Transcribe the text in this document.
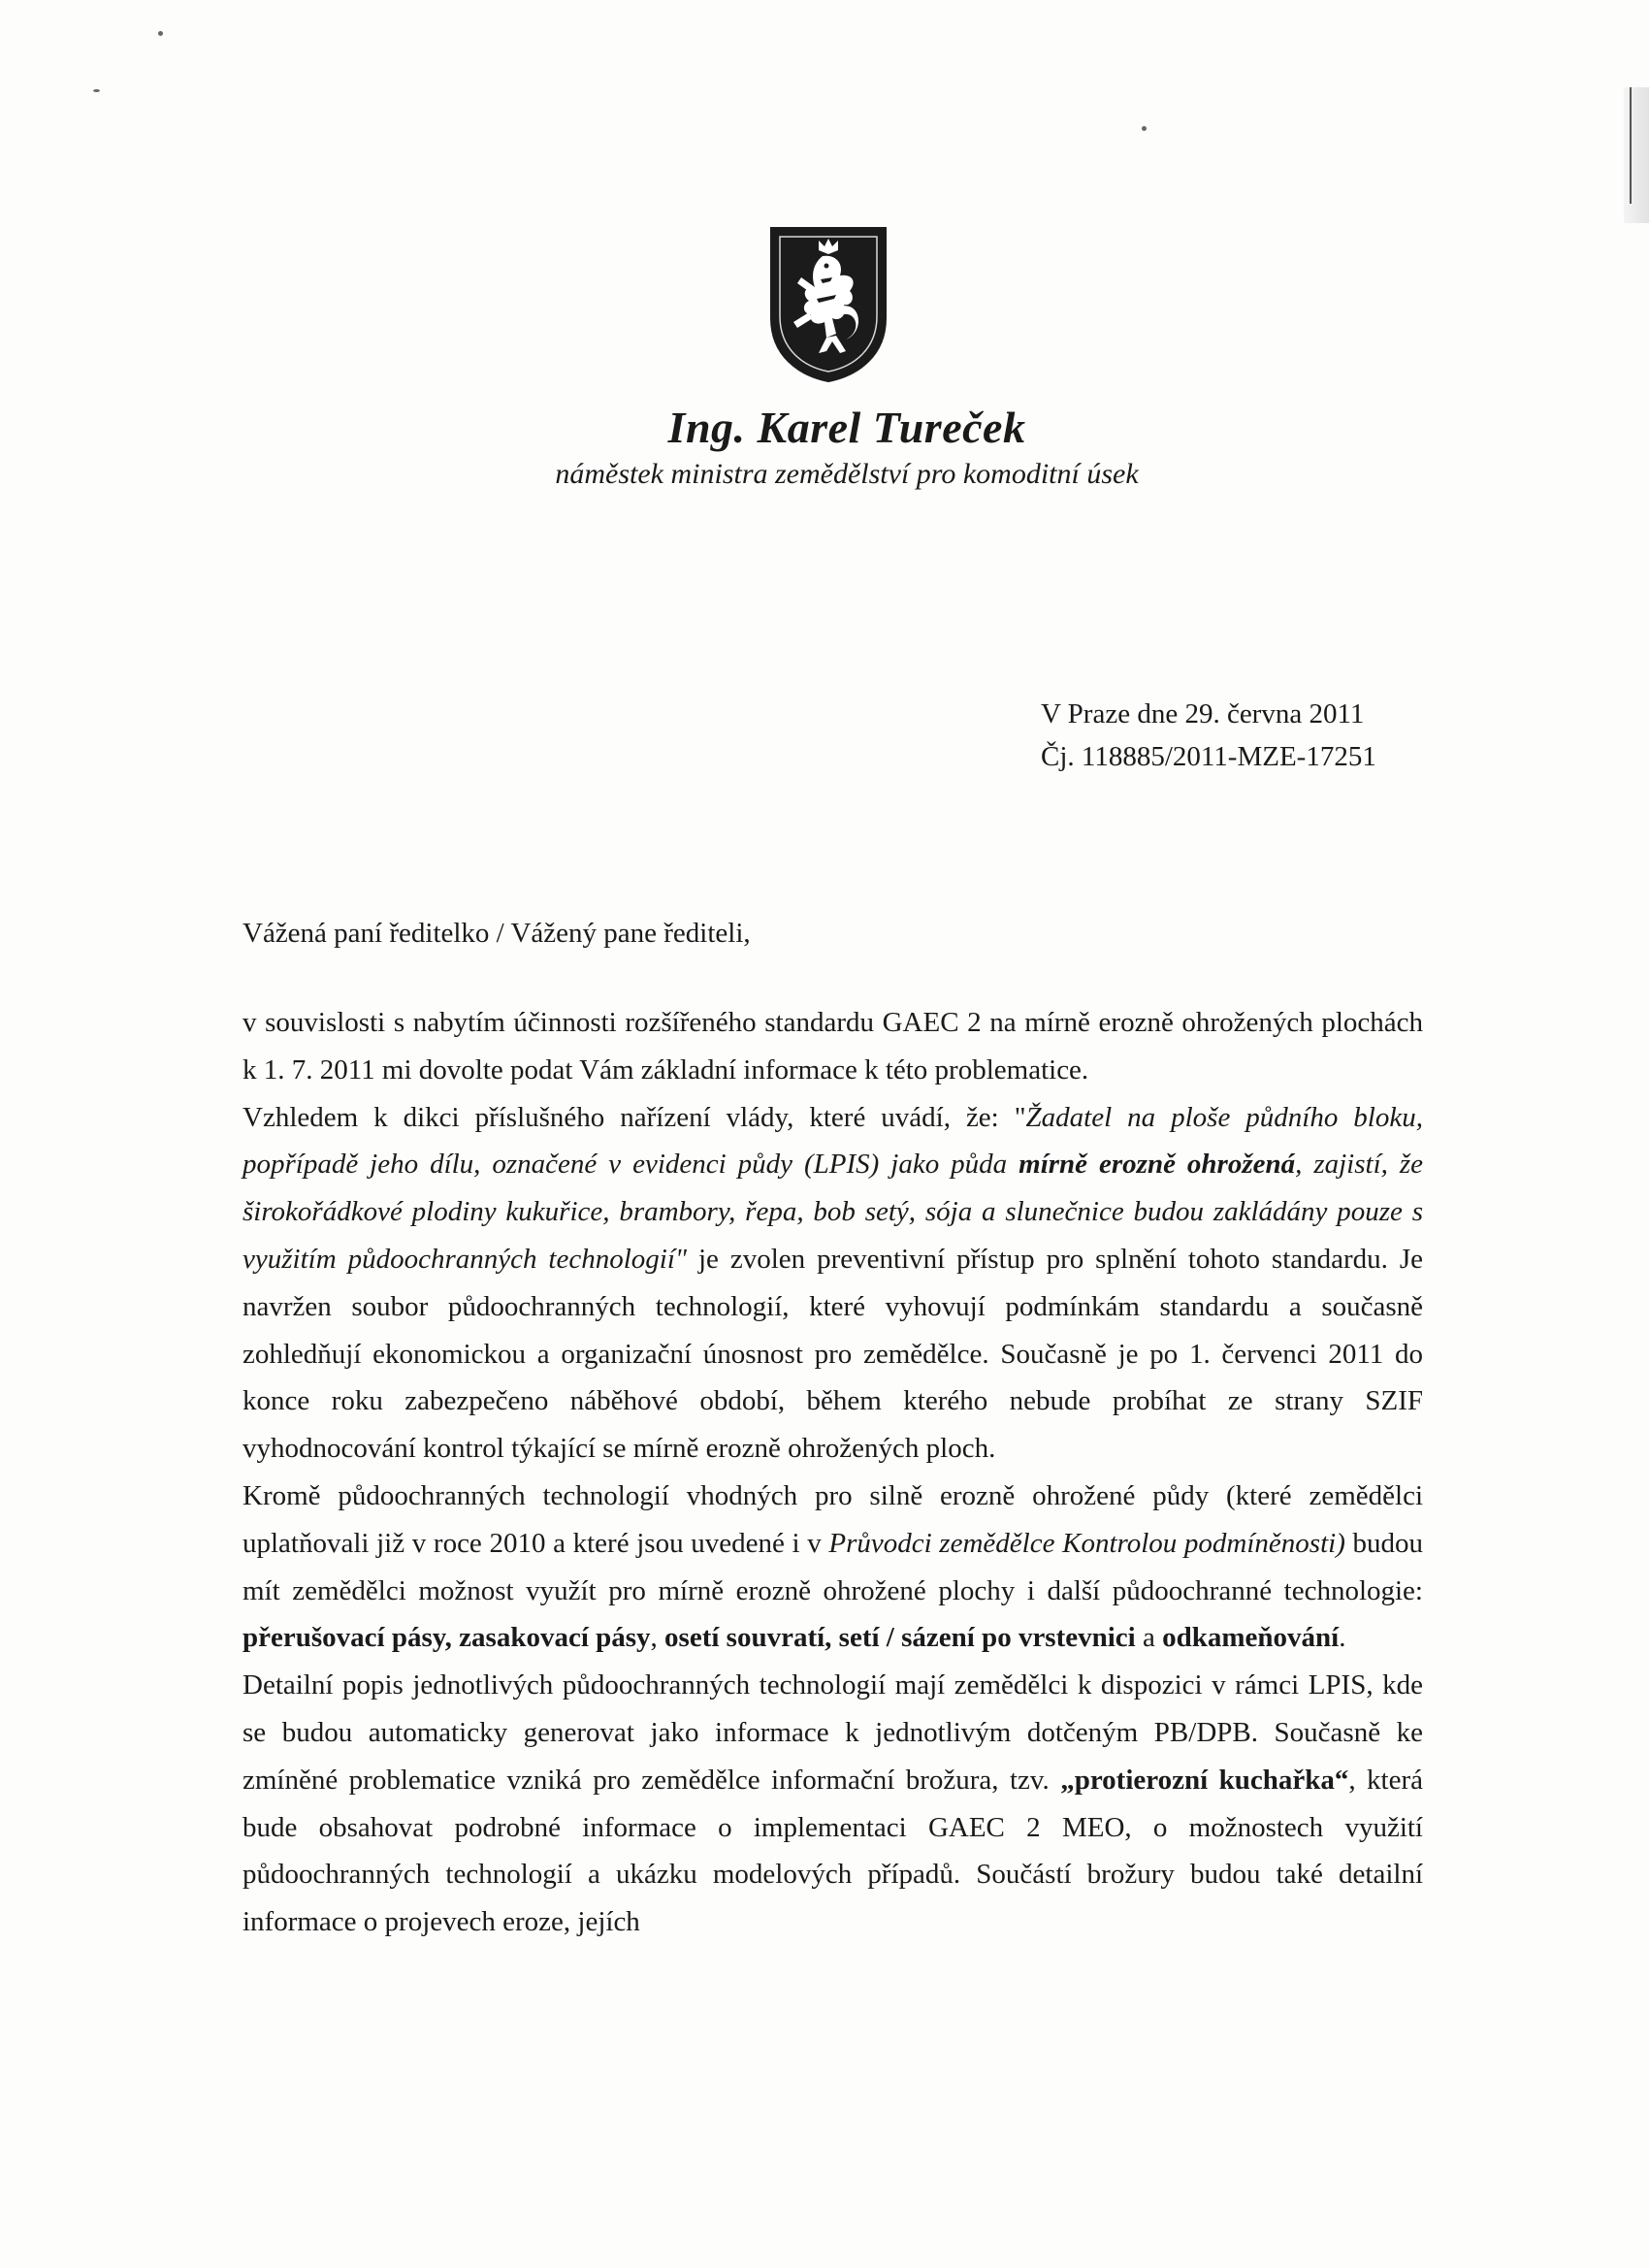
Ing. Karel Tureček
náměstek ministra zemědělství pro komoditní úsek
V Praze dne 29. června 2011
Čj. 118885/2011-MZE-17251
Vážená paní ředitelko / Vážený pane řediteli,

v souvislosti s nabytím účinnosti rozšířeného standardu GAEC 2 na mírně erozně ohrožených plochách k 1. 7. 2011 mi dovolte podat Vám základní informace k této problematice.

Vzhledem k dikci příslušného nařízení vlády, které uvádí, že: "Žadatel na ploše půdního bloku, popřípadě jeho dílu, označené v evidenci půdy (LPIS) jako půda mírně erozně ohrožená, zajistí, že širokořádkové plodiny kukuřice, brambory, řepa, bob setý, sója a slunečnice budou zakládány pouze s využitím půdoochranných technologií" je zvolen preventivní přístup pro splnění tohoto standardu. Je navržen soubor půdoochranných technologií, které vyhovují podmínkám standardu a současně zohledňují ekonomickou a organizační únosnost pro zemědělce. Současně je po 1. červenci 2011 do konce roku zabezpečeno náběhové období, během kterého nebude probíhat ze strany SZIF vyhodnocování kontrol týkající se mírně erozně ohrožených ploch.

Kromě půdoochranných technologií vhodných pro silně erozně ohrožené půdy (které zemědělci uplatňovali již v roce 2010 a které jsou uvedené i v Průvodci zemědělce Kontrolou podmíněnosti) budou mít zemědělci možnost využít pro mírně erozně ohrožené plochy i další půdoochranné technologie: přerušovací pásy, zasakovací pásy, osetí souvratí, setí / sázení po vrstevnici a odkameňování.

Detailní popis jednotlivých půdoochranných technologií mají zemědělci k dispozici v rámci LPIS, kde se budou automaticky generovat jako informace k jednotlivým dotčeným PB/DPB. Současně ke zmíněné problematice vzniká pro zemědělce informační brožura, tzv. „protierozní kuchařka“, která bude obsahovat podrobné informace o implementaci GAEC 2 MEO, o možnostech využití půdoochranných technologií a ukázku modelových případů. Součástí brožury budou také detailní informace o projevech eroze, jejích
